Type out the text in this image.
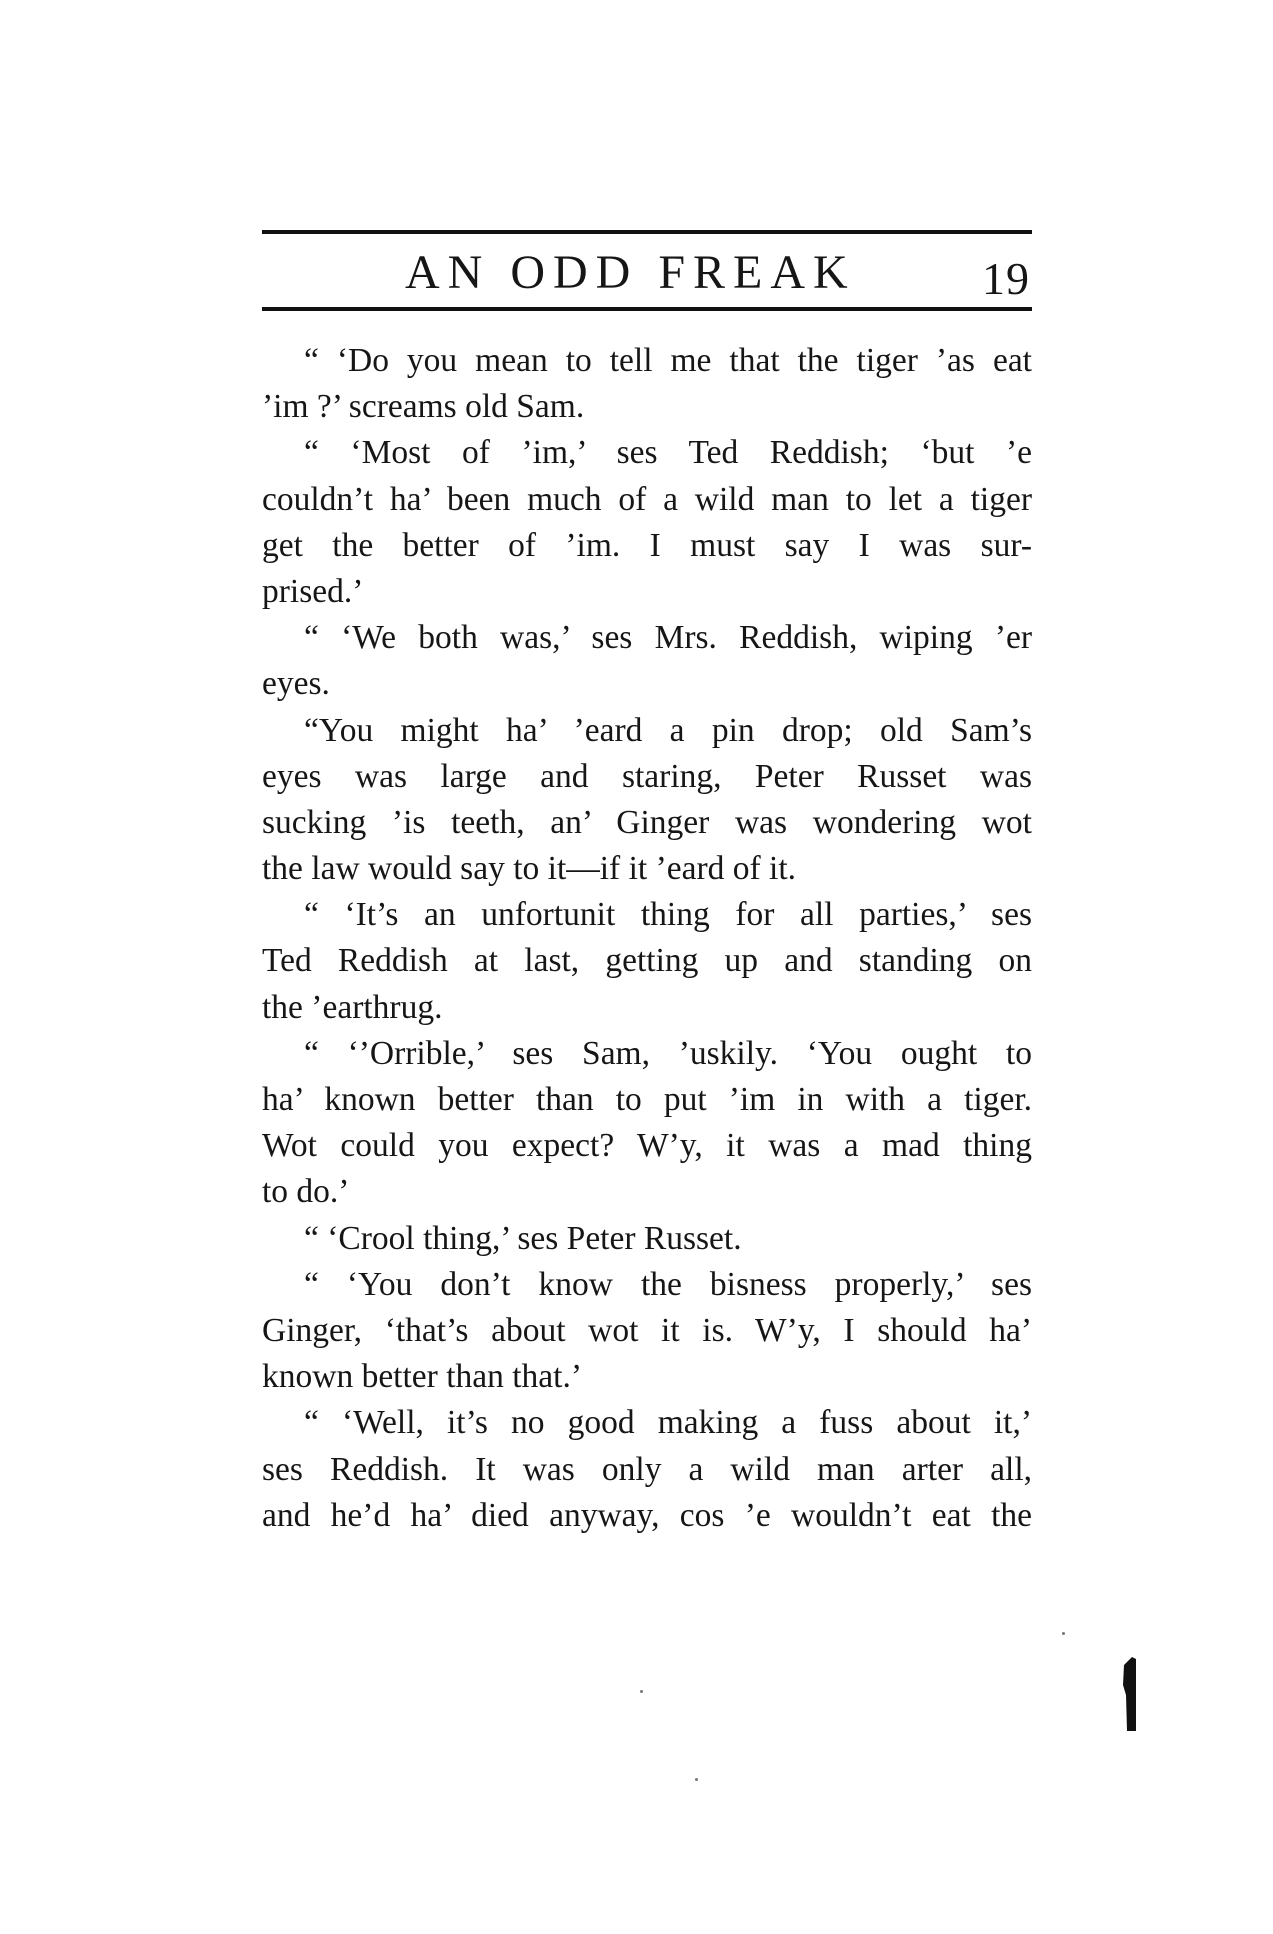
AN ODD FREAK	19
“ ‘Do you mean to tell me that the tiger ’as eat
’im ?’ screams old Sam.
“ ‘Most of ’im,’ ses Ted Reddish; ‘but ’e
couldn’t ha’ been much of a wild man to let a tiger
get the better of ’im. I must say I was sur-
prised.’
“ ‘We both was,’ ses Mrs. Reddish, wiping ’er
eyes.
“You might ha’ ’eard a pin drop; old Sam’s
eyes was large and staring, Peter Russet was
sucking ’is teeth, an’ Ginger was wondering wot
the law would say to it—if it ’eard of it.
“ ‘It’s an unfortunit thing for all parties,’ ses
Ted Reddish at last, getting up and standing on
the ’earthrug.
“ ‘’Orrible,’ ses Sam, ’uskily. ‘You ought to
ha’ known better than to put ’im in with a tiger.
Wot could you expect? W’y, it was a mad thing
to do.’
“ ‘Crool thing,’ ses Peter Russet.
“ ‘You don’t know the bisness properly,’ ses
Ginger, ‘that’s about wot it is. W’y, I should ha’
known better than that.’
“ ‘Well, it’s no good making a fuss about it,’
ses Reddish. It was only a wild man arter all,
and he’d ha’ died anyway, cos ’e wouldn’t eat the
